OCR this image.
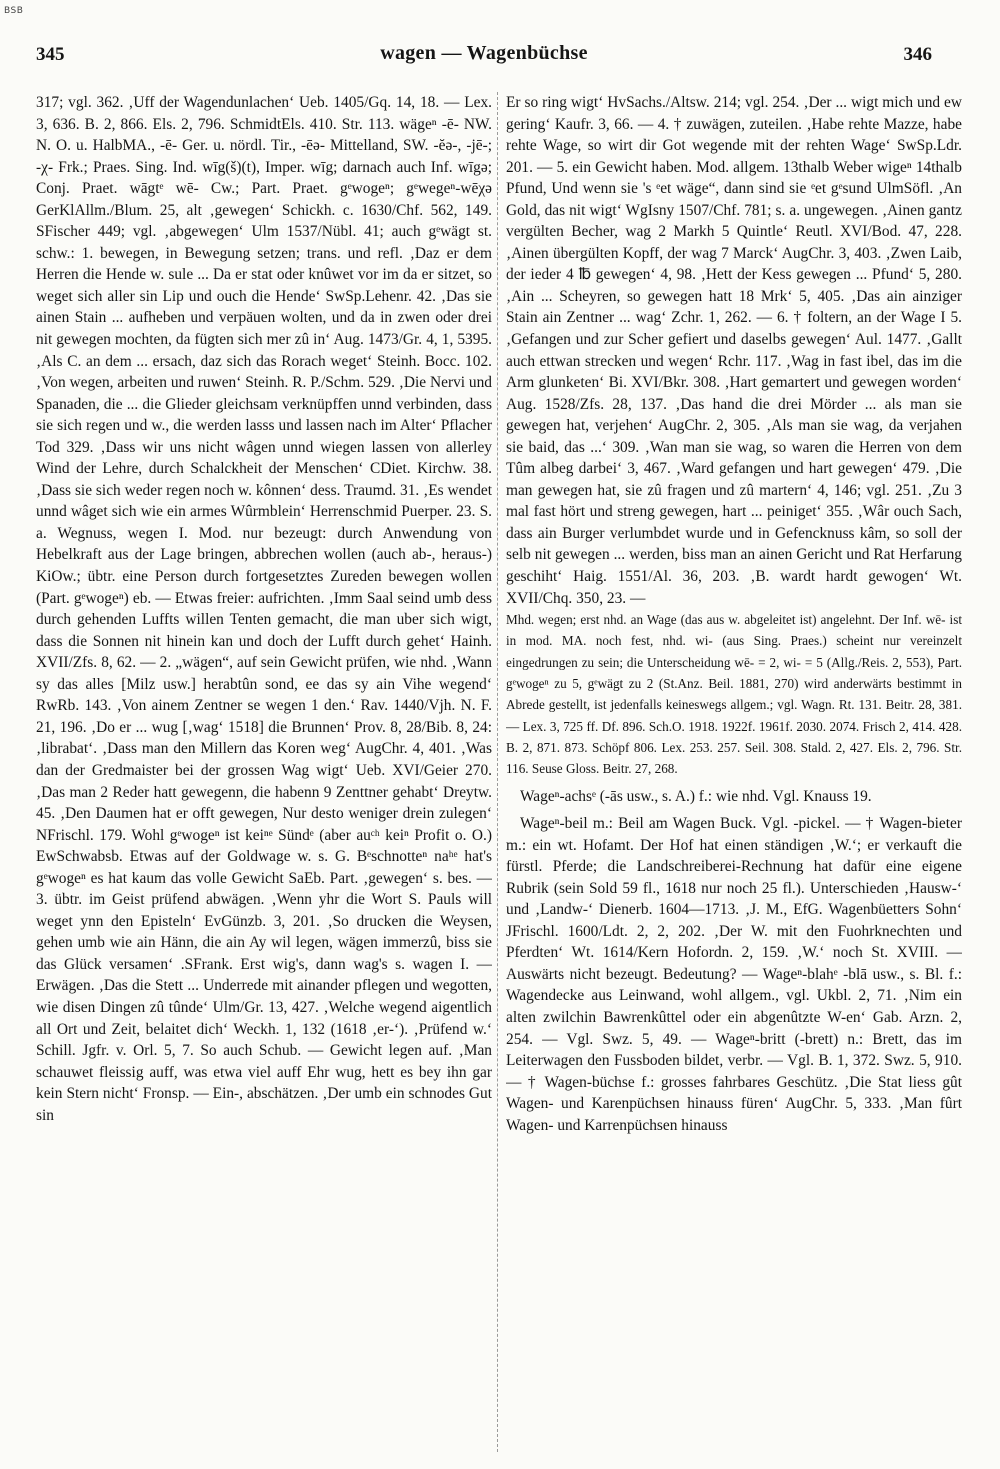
BSB
345	wagen — Wagenbüchse	346

317; vgl. 362. ‚Uff der Wagendunlachen‘ Ueb. 1405/Gq. 14, 18. — Lex. 3, 636. B. 2, 866. Els. 2, 796. SchmidtEls. 410. Str. 113. wägeⁿ -ē- NW. N. O. u. HalbMA., -ē- Ger. u. nördl. Tir., -ēə- Mittelland, SW. -ĕə-, -jē-; -χ- Frk.; Praes. Sing. Ind. wīg(š)(t), Imper. wīg; darnach auch Inf. wīgə; Conj. Praet. wāgtᵉ wē- Cw.; Part. Praet. gᵉwogeⁿ; gᵉwegeⁿ-wēχə GerKlAllm./Blum. 25, alt ‚gewegen‘ Schickh. c. 1630/Chf. 562, 149. SFischer 449; vgl. ‚abgewegen‘ Ulm 1537/Nübl. 41; auch gᵉwägt st. schw.: 1. bewegen, in Bewegung setzen; trans. und refl. ‚Daz er dem Herren die Hende w. sule ... Da er stat oder knûwet vor im da er sitzet, so weget sich aller sin Lip und ouch die Hende‘ SwSp.Lehenr. 42. ‚Das sie ainen Stain ... aufheben und verpäuen wolten, und da in zwen oder drei nit gewegen mochten, da fügten sich mer zû in‘ Aug. 1473/Gr. 4, 1, 5395. ‚Als C. an dem ... ersach, daz sich das Rorach weget‘ Steinh. Bocc. 102. ‚Von wegen, arbeiten und ruwen‘ Steinh. R. P./Schm. 529. ‚Die Nervi und Spanaden, die ... die Glieder gleichsam verknüpffen unnd verbinden, dass sie sich regen und w., die werden lasss und lassen nach im Alter‘ Pflacher Tod 329. ‚Dass wir uns nicht wâgen unnd wiegen lassen von allerley Wind der Lehre, durch Schalckheit der Menschen‘ CDiet. Kirchw. 38. ‚Dass sie sich weder regen noch w. kônnen‘ dess. Traumd. 31. ‚Es wendet unnd wâget sich wie ein armes Wûrmblein‘ Herrenschmid Puerper. 23. S. a. Wegnuss, wegen I. Mod. nur bezeugt: durch Anwendung von Hebelkraft aus der Lage bringen, abbrechen wollen (auch ab-, heraus-) KiOw.; übtr. eine Person durch fortgesetztes Zureden bewegen wollen (Part. gᵉwogeⁿ) eb. — Etwas freier: aufrichten. ‚Imm Saal seind umb dess durch gehenden Luffts willen Tenten gemacht, die man uber sich wigt, dass die Sonnen nit hinein kan und doch der Lufft durch gehet‘ Hainh. XVII/Zfs. 8, 62. — 2. „wägen“, auf sein Gewicht prüfen, wie nhd. ‚Wann sy das alles [Milz usw.] herabtûn sond, ee das sy ain Vihe wegend‘ RwRb. 143. ‚Von ainem Zentner se wegen 1 den.‘ Rav. 1440/Vjh. N. F. 21, 196. ‚Do er ... wug [‚wag‘ 1518] die Brunnen‘ Prov. 8, 28/Bib. 8, 24: ‚librabat‘. ‚Dass man den Millern das Koren weg‘ AugChr. 4, 401. ‚Was dan der Gredmaister bei der grossen Wag wigt‘ Ueb. XVI/Geier 270. ‚Das man 2 Reder hatt gewegenn, die habenn 9 Zenttner gehabt‘ Dreytw. 45. ‚Den Daumen hat er offt gewegen, Nur desto weniger drein zulegen‘ NFrischl. 179. Wohl gᵉwogeⁿ ist keiⁿᵉ Sündᵉ (aber auᶜʰ keiⁿ Profit o. O.) EwSchwabsb. Etwas auf der Goldwage w. s. G. Bᵉschnotteⁿ naʰᵉ hat's gᵉwogeⁿ es hat kaum das volle Gewicht SaEb. Part. ‚gewegen‘ s. bes. — 3. übtr. im Geist prüfend abwägen. ‚Wenn yhr die Wort S. Pauls will weget ynn den Episteln‘ EvGünzb. 3, 201. ‚So drucken die Weysen, gehen umb wie ain Hänn, die ain Ay wil legen, wägen immerzû, biss sie das Glück versamen‘ .SFrank. Erst wig's, dann wag's s. wagen I. — Erwägen. ‚Das die Stett ... Underrede mit ainander pflegen und wegotten, wie disen Dingen zû tûnde‘ Ulm/Gr. 13, 427. ‚Welche wegend aigentlich all Ort und Zeit, belaitet dich‘ Weckh. 1, 132 (1618 ‚er-‘). ‚Prüfend w.‘ Schill. Jgfr. v. Orl. 5, 7. So auch Schub. — Gewicht legen auf. ‚Man schauwet fleissig auff, was etwa viel auff Ehr wug, hett es bey ihn gar kein Stern nicht‘ Fronsp. — Ein-, abschätzen. ‚Der umb ein schnodes Gut sin

Er so ring wigt‘ HvSachs./Altsw. 214; vgl. 254. ‚Der ... wigt mich und ew gering‘ Kaufr. 3, 66. — 4. † zuwägen, zuteilen. ‚Habe rehte Mazze, habe rehte Wage, so wirt dir Got wegende mit der rehten Wage‘ SwSp.Ldr. 201. — 5. ein Gewicht haben. Mod. allgem. 13thalb Weber wigeⁿ 14thalb Pfund, Und wenn sie 's ᵉet wäge“, dann sind sie ᵉet gᵉsund UlmSöfl. ‚An Gold, das nit wigt‘ WgIsny 1507/Chf. 781; s. a. ungewegen. ‚Ainen gantz vergülten Becher, wag 2 Markh 5 Quintle‘ Reutl. XVI/Bod. 47, 228. ‚Ainen übergülten Kopff, der wag 7 Marck‘ AugChr. 3, 403. ‚Zwen Laib, der ieder 4 ℔ gewegen‘ 4, 98. ‚Hett der Kess gewegen ... Pfund‘ 5, 280. ‚Ain ... Scheyren, so gewegen hatt 18 Mrk‘ 5, 405. ‚Das ain ainziger Stain ain Zentner ... wag‘ Zchr. 1, 262. — 6. † foltern, an der Wage I 5. ‚Gefangen und zur Scher gefiert und daselbs gewegen‘ Aul. 1477. ‚Gallt auch ettwan strecken und wegen‘ Rchr. 117. ‚Wag in fast ibel, das im die Arm glunketen‘ Bi. XVI/Bkr. 308. ‚Hart gemartert und gewegen worden‘ Aug. 1528/Zfs. 28, 137. ‚Das hand die drei Mörder ... als man sie gewegen hat, verjehen‘ AugChr. 2, 305. ‚Als man sie wag, da verjahen sie baid, das ...‘ 309. ‚Wan man sie wag, so waren die Herren von dem Tûm albeg darbei‘ 3, 467. ‚Ward gefangen und hart gewegen‘ 479. ‚Die man gewegen hat, sie zû fragen und zû martern‘ 4, 146; vgl. 251. ‚Zu 3 mal fast hört und streng gewegen, hart ... peiniget‘ 355. ‚Wâr ouch Sach, dass ain Burger verlumbdet wurde und in Gefencknuss kâm, so soll der selb nit gewegen ... werden, biss man an ainen Gericht und Rat Herfarung geschiht‘ Haig. 1551/Al. 36, 203. ‚B. wardt hardt gewogen‘ Wt. XVII/Chq. 350, 23. —

Mhd. wegen; erst nhd. an Wage (das aus w. abgeleitet ist) angelehnt. Der Inf. wē- ist in mod. MA. noch fest, nhd. wi- (aus Sing. Praes.) scheint nur vereinzelt eingedrungen zu sein; die Unterscheidung wē- = 2, wi- = 5 (Allg./Reis. 2, 553), Part. gᵉwogeⁿ zu 5, gᵉwägt zu 2 (St.Anz. Beil. 1881, 270) wird anderwärts bestimmt in Abrede gestellt, ist jedenfalls keineswegs allgem.; vgl. Wagn. Rt. 131. Beitr. 28, 381. — Lex. 3, 725 ff. Df. 896. Sch.O. 1918. 1922f. 1961f. 2030. 2074. Frisch 2, 414. 428. B. 2, 871. 873. Schöpf 806. Lex. 253. 257. Seil. 308. Stald. 2, 427. Els. 2, 796. Str. 116. Seuse Gloss. Beitr. 27, 268.

Wageⁿ-achsᵉ (-ās usw., s. A.) f.: wie nhd. Vgl. Knauss 19.

Wageⁿ-beil m.: Beil am Wagen Buck. Vgl. -pickel. — † Wagen-bieter m.: ein wt. Hofamt. Der Hof hat einen ständigen ‚W.‘; er verkauft die fürstl. Pferde; die Landschreiberei-Rechnung hat dafür eine eigene Rubrik (sein Sold 59 fl., 1618 nur noch 25 fl.). Unterschieden ‚Hausw-‘ und ‚Landw-‘ Dienerb. 1604—1713. ‚J. M., EfG. Wagenbüetters Sohn‘ JFrischl. 1600/Ldt. 2, 2, 202. ‚Der W. mit den Fuohrknechten und Pferdten‘ Wt. 1614/Kern Hofordn. 2, 159. ‚W.‘ noch St. XVIII. — Auswärts nicht bezeugt. Bedeutung? — Wageⁿ-blahᵉ -blā usw., s. Bl. f.: Wagendecke aus Leinwand, wohl allgem., vgl. Ukbl. 2, 71. ‚Nim ein alten zwilchin Bawrenkûttel oder ein abgenûtzte W-en‘ Gab. Arzn. 2, 254. — Vgl. Swz. 5, 49. — Wageⁿ-britt (-brett) n.: Brett, das im Leiterwagen den Fussboden bildet, verbr. — Vgl. B. 1, 372. Swz. 5, 910. — † Wagen-büchse f.: grosses fahrbares Geschütz. ‚Die Stat liess gût Wagen- und Karenpüchsen hinauss füren‘ AugChr. 5, 333. ‚Man fûrt Wagen- und Karrenpüchsen hinauss
